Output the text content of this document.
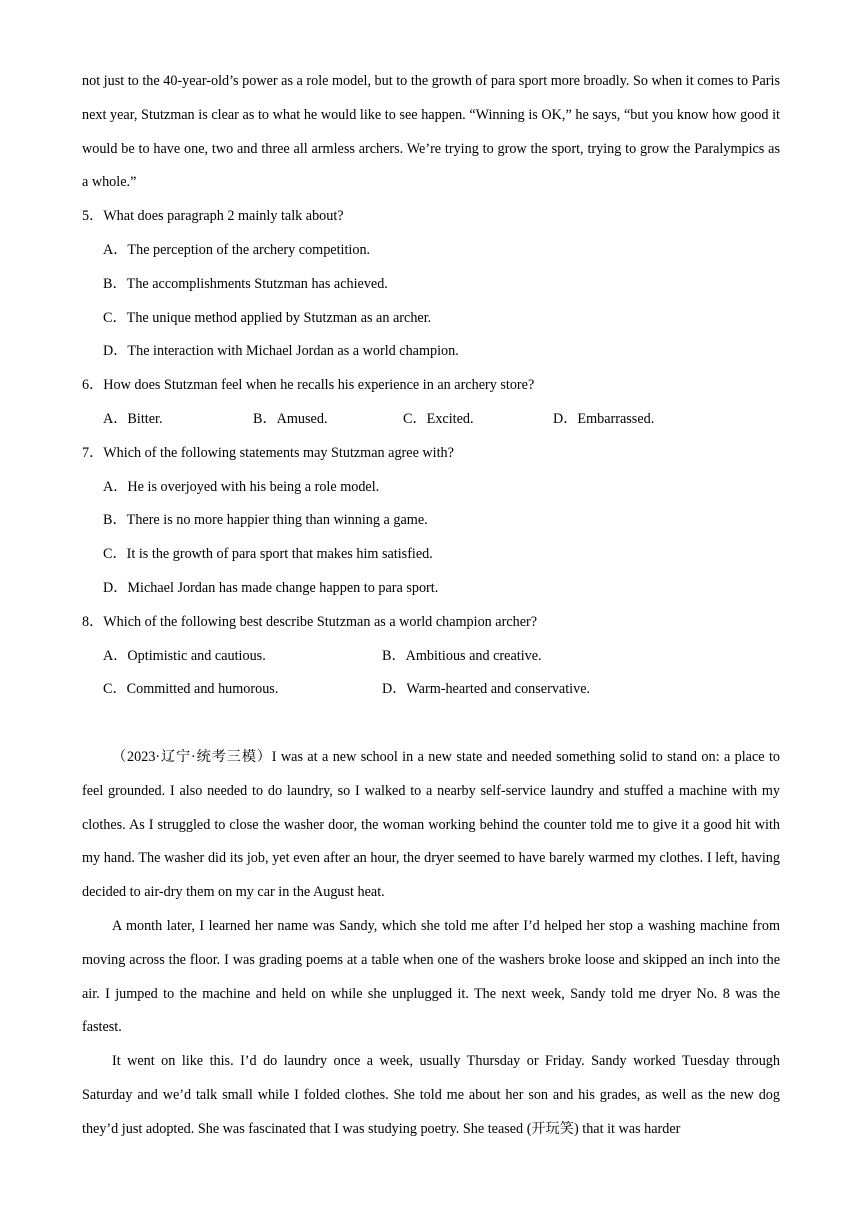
not just to the 40-year-old’s power as a role model, but to the growth of para sport more broadly. So when it comes to Paris next year, Stutzman is clear as to what he would like to see happen. “Winning is OK,” he says, “but you know how good it would be to have one, two and three all armless archers. We’re trying to grow the sport, trying to grow the Paralympics as a whole.”

5．What does paragraph 2 mainly talk about?

A．The perception of the archery competition.

B．The accomplishments Stutzman has achieved.

C．The unique method applied by Stutzman as an archer.

D．The interaction with Michael Jordan as a world champion.

6．How does Stutzman feel when he recalls his experience in an archery store?

A．Bitter.	B．Amused.	C．Excited.	D．Embarrassed.

7．Which of the following statements may Stutzman agree with?

A．He is overjoyed with his being a role model.

B．There is no more happier thing than winning a game.

C．It is the growth of para sport that makes him satisfied.

D．Michael Jordan has made change happen to para sport.

8．Which of the following best describe Stutzman as a world champion archer?

A．Optimistic and cautious.	B．Ambitious and creative.
C．Committed and humorous.	D．Warm-hearted and conservative.

（2023·辽宁·统考三模）I was at a new school in a new state and needed something solid to stand on: a place to feel grounded. I also needed to do laundry, so I walked to a nearby self-service laundry and stuffed a machine with my clothes. As I struggled to close the washer door, the woman working behind the counter told me to give it a good hit with my hand. The washer did its job, yet even after an hour, the dryer seemed to have barely warmed my clothes. I left, having decided to air-dry them on my car in the August heat.

A month later, I learned her name was Sandy, which she told me after I’d helped her stop a washing machine from moving across the floor. I was grading poems at a table when one of the washers broke loose and skipped an inch into the air. I jumped to the machine and held on while she unplugged it. The next week, Sandy told me dryer No. 8 was the fastest.

It went on like this. I’d do laundry once a week, usually Thursday or Friday. Sandy worked Tuesday through Saturday and we’d talk small while I folded clothes. She told me about her son and his grades, as well as the new dog they’d just adopted. She was fascinated that I was studying poetry. She teased (开玩笑) that it was harder
